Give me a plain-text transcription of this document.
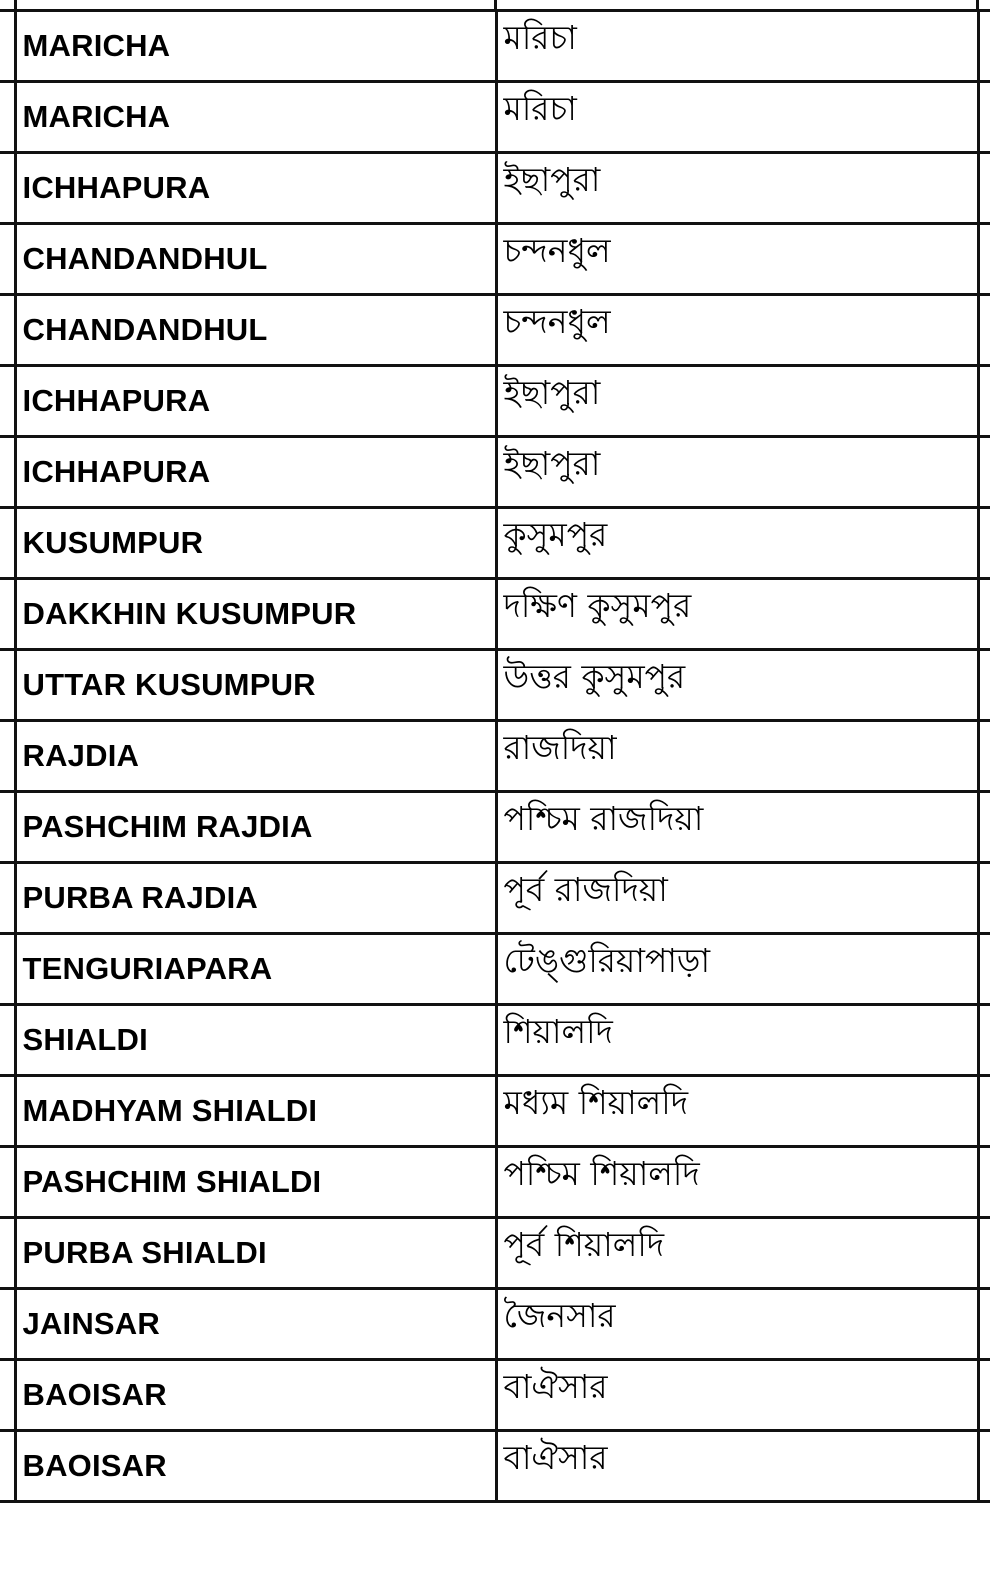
	MARICHA	মরিচা	
	MARICHA	মরিচা	
	ICHHAPURA	ইছাপুরা	
	CHANDANDHUL	চন্দনধুল	
	CHANDANDHUL	চন্দনধুল	
	ICHHAPURA	ইছাপুরা	
	ICHHAPURA	ইছাপুরা	
	KUSUMPUR	কুসুমপুর	
	DAKKHIN KUSUMPUR	দক্ষিণ কুসুমপুর	
	UTTAR KUSUMPUR	উত্তর কুসুমপুর	
	RAJDIA	রাজদিয়া	
	PASHCHIM RAJDIA	পশ্চিম রাজদিয়া	
	PURBA RAJDIA	পূর্ব রাজদিয়া	
	TENGURIAPARA	টেঙ্গুরিয়াপাড়া	
	SHIALDI	শিয়ালদি	
	MADHYAM SHIALDI	মধ্যম শিয়ালদি	
	PASHCHIM SHIALDI	পশ্চিম শিয়ালদি	
	PURBA SHIALDI	পূর্ব শিয়ালদি	
	JAINSAR	জৈনসার	
	BAOISAR	বাঐসার	
	BAOISAR	বাঐসার	
